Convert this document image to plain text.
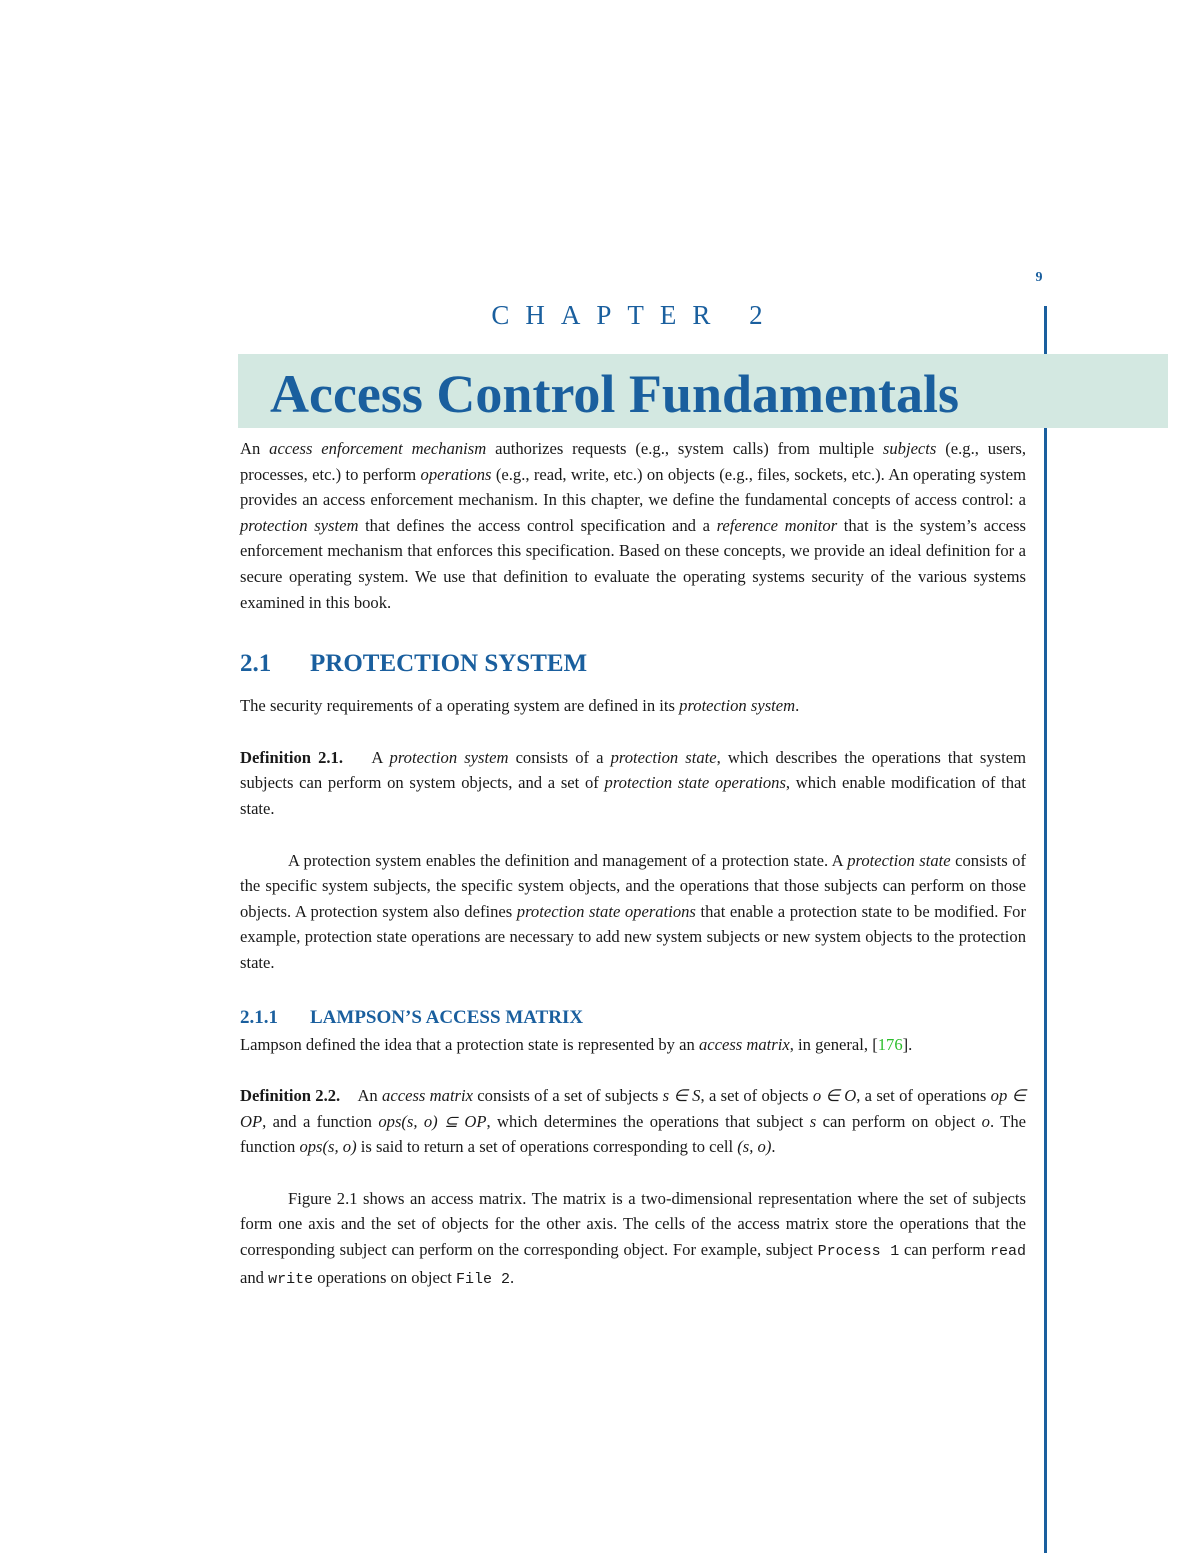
9
CHAPTER 2
Access Control Fundamentals

An access enforcement mechanism authorizes requests (e.g., system calls) from multiple subjects (e.g., users, processes, etc.) to perform operations (e.g., read, write, etc.) on objects (e.g., files, sockets, etc.). An operating system provides an access enforcement mechanism. In this chapter, we define the fundamental concepts of access control: a protection system that defines the access control specification and a reference monitor that is the system’s access enforcement mechanism that enforces this specification. Based on these concepts, we provide an ideal definition for a secure operating system. We use that definition to evaluate the operating systems security of the various systems examined in this book.

2.1 PROTECTION SYSTEM

The security requirements of a operating system are defined in its protection system.

Definition 2.1. A protection system consists of a protection state, which describes the operations that system subjects can perform on system objects, and a set of protection state operations, which enable modification of that state.

A protection system enables the definition and management of a protection state. A protection state consists of the specific system subjects, the specific system objects, and the operations that those subjects can perform on those objects. A protection system also defines protection state operations that enable a protection state to be modified. For example, protection state operations are necessary to add new system subjects or new system objects to the protection state.

2.1.1 LAMPSON’S ACCESS MATRIX

Lampson defined the idea that a protection state is represented by an access matrix, in general, [176].

Definition 2.2. An access matrix consists of a set of subjects s ∈ S, a set of objects o ∈ O, a set of operations op ∈ OP, and a function ops(s, o) ⊆ OP, which determines the operations that subject s can perform on object o. The function ops(s, o) is said to return a set of operations corresponding to cell (s, o).

Figure 2.1 shows an access matrix. The matrix is a two-dimensional representation where the set of subjects form one axis and the set of objects for the other axis. The cells of the access matrix store the operations that the corresponding subject can perform on the corresponding object. For example, subject Process 1 can perform read and write operations on object File 2.
